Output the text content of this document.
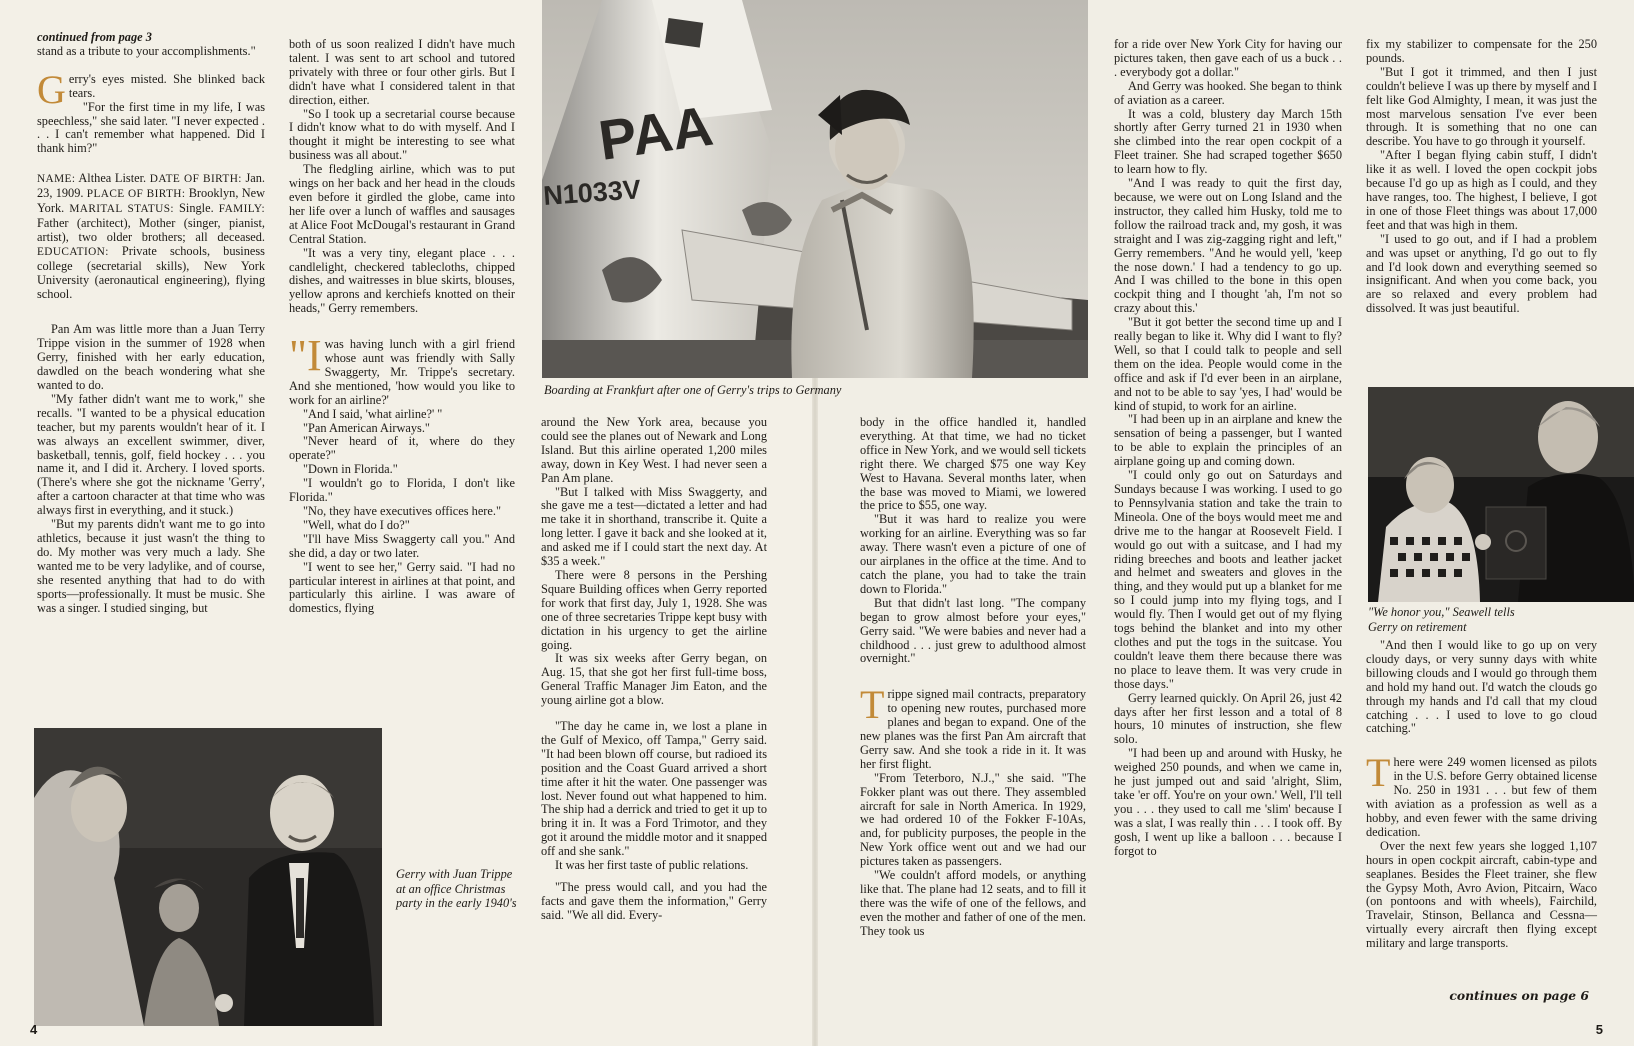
continued from page 3

stand as a tribute to your accomplishments."

Gerry's eyes misted. She blinked back tears.

"For the first time in my life, I was speechless," she said later. "I never expected . . . I can't remember what happened. Did I thank him?"

NAME: Althea Lister. DATE OF BIRTH: Jan. 23, 1909. PLACE OF BIRTH: Brooklyn, New York. MARITAL STATUS: Single. FAMILY: Father (architect), Mother (singer, pianist, artist), two older brothers; all deceased. EDUCATION: Private schools, business college (secretarial skills), New York University (aeronautical engineering), flying school.

Pan Am was little more than a Juan Terry Trippe vision in the summer of 1928 when Gerry, finished with her early education, dawdled on the beach wondering what she wanted to do.

"My father didn't want me to work," she recalls. "I wanted to be a physical education teacher, but my parents wouldn't hear of it. I was always an excellent swimmer, diver, basketball, tennis, golf, field hockey . . . you name it, and I did it. Archery. I loved sports. (There's where she got the nickname 'Gerry', after a cartoon character at that time who was always first in everything, and it stuck.)

"But my parents didn't want me to go into athletics, because it just wasn't the thing to do. My mother was very much a lady. She wanted me to be very ladylike, and of course, she resented anything that had to do with sports—professionally. It must be music. She was a singer. I studied singing, but

both of us soon realized I didn't have much talent. I was sent to art school and tutored privately with three or four other girls. But I didn't have what I considered talent in that direction, either.

"So I took up a secretarial course because I didn't know what to do with myself. And I thought it might be interesting to see what business was all about."

The fledgling airline, which was to put wings on her back and her head in the clouds even before it girdled the globe, came into her life over a lunch of waffles and sausages at Alice Foot McDougal's restaurant in Grand Central Station.

"It was a very tiny, elegant place . . . candlelight, checkered tablecloths, chipped dishes, and waitresses in blue skirts, blouses, yellow aprons and kerchiefs knotted on their heads," Gerry remembers.

"Iwas having lunch with a girl friend whose aunt was friendly with Sally Swaggerty, Mr. Trippe's secretary. And she mentioned, 'how would you like to work for an airline?'

"And I said, 'what airline?' "

"Pan American Airways."

"Never heard of it, where do they operate?"

"Down in Florida."

"I wouldn't go to Florida, I don't like Florida."

"No, they have executives offices here."

"Well, what do I do?"

"I'll have Miss Swaggerty call you." And she did, a day or two later.

"I went to see her," Gerry said. "I had no particular interest in airlines at that point, and particularly this airline. I was aware of domestics, flying

around the New York area, because you could see the planes out of Newark and Long Island. But this airline operated 1,200 miles away, down in Key West. I had never seen a Pan Am plane.

"But I talked with Miss Swaggerty, and she gave me a test—dictated a letter and had me take it in shorthand, transcribe it. Quite a long letter. I gave it back and she looked at it, and asked me if I could start the next day. At $35 a week."

There were 8 persons in the Pershing Square Building offices when Gerry reported for work that first day, July 1, 1928. She was one of three secretaries Trippe kept busy with dictation in his urgency to get the airline going.

It was six weeks after Gerry began, on Aug. 15, that she got her first full-time boss, General Traffic Manager Jim Eaton, and the young airline got a blow.

"The day he came in, we lost a plane in the Gulf of Mexico, off Tampa," Gerry said. "It had been blown off course, but radioed its position and the Coast Guard arrived a short time after it hit the water. One passenger was lost. Never found out what happened to him. The ship had a derrick and tried to get it up to bring it in. It was a Ford Trimotor, and they got it around the middle motor and it snapped off and she sank."

It was her first taste of public relations.

"The press would call, and you had the facts and gave them the information," Gerry said. "We all did. Every-

body in the office handled it, handled everything. At that time, we had no ticket office in New York, and we would sell tickets right there. We charged $75 one way Key West to Havana. Several months later, when the base was moved to Miami, we lowered the price to $55, one way.

"But it was hard to realize you were working for an airline. Everything was so far away. There wasn't even a picture of one of our airplanes in the office at the time. And to catch the plane, you had to take the train down to Florida."

But that didn't last long. "The company began to grow almost before your eyes," Gerry said. "We were babies and never had a childhood . . . just grew to adulthood almost overnight."

Trippe signed mail contracts, preparatory to opening new routes, purchased more planes and began to expand. One of the new planes was the first Pan Am aircraft that Gerry saw. And she took a ride in it. It was her first flight.

"From Teterboro, N.J.," she said. "The Fokker plant was out there. They assembled aircraft for sale in North America. In 1929, we had ordered 10 of the Fokker F-10As, and, for publicity purposes, the people in the New York office went out and we had our pictures taken as passengers.

"We couldn't afford models, or anything like that. The plane had 12 seats, and to fill it there was the wife of one of the fellows, and even the mother and father of one of the men. They took us

for a ride over New York City for having our pictures taken, then gave each of us a buck . . . everybody got a dollar."

And Gerry was hooked. She began to think of aviation as a career.

It was a cold, blustery day March 15th shortly after Gerry turned 21 in 1930 when she climbed into the rear open cockpit of a Fleet trainer. She had scraped together $650 to learn how to fly.

"And I was ready to quit the first day, because, we were out on Long Island and the instructor, they called him Husky, told me to follow the railroad track and, my gosh, it was straight and I was zig-zagging right and left," Gerry remembers. "And he would yell, 'keep the nose down.' I had a tendency to go up. And I was chilled to the bone in this open cockpit thing and I thought 'ah, I'm not so crazy about this.'

"But it got better the second time up and I really began to like it. Why did I want to fly? Well, so that I could talk to people and sell them on the idea. People would come in the office and ask if I'd ever been in an airplane, and not to be able to say 'yes, I had' would be kind of stupid, to work for an airline.

"I had been up in an airplane and knew the sensation of being a passenger, but I wanted to be able to explain the principles of an airplane going up and coming down.

"I could only go out on Saturdays and Sundays because I was working. I used to go to Pennsylvania station and take the train to Mineola. One of the boys would meet me and drive me to the hangar at Roosevelt Field. I would go out with a suitcase, and I had my riding breeches and boots and leather jacket and helmet and sweaters and gloves in the thing, and they would put up a blanket for me so I could jump into my flying togs, and I would fly. Then I would get out of my flying togs behind the blanket and into my other clothes and put the togs in the suitcase. You couldn't leave them there because there was no place to leave them. It was very crude in those days."

Gerry learned quickly. On April 26, just 42 days after her first lesson and a total of 8 hours, 10 minutes of instruction, she flew solo.

"I had been up and around with Husky, he weighed 250 pounds, and when we came in, he just jumped out and said 'alright, Slim, take 'er off. You're on your own.' Well, I'll tell you . . . they used to call me 'slim' because I was a slat, I was really thin . . . I took off. By gosh, I went up like a balloon . . . because I forgot to

fix my stabilizer to compensate for the 250 pounds.

"But I got it trimmed, and then I just couldn't believe I was up there by myself and I felt like God Almighty, I mean, it was just the most marvelous sensation I've ever been through. It is something that no one can describe. You have to go through it yourself.

"After I began flying cabin stuff, I didn't like it as well. I loved the open cockpit jobs because I'd go up as high as I could, and they have ranges, too. The highest, I believe, I got in one of those Fleet things was about 17,000 feet and that was high in them.

"I used to go out, and if I had a problem and was upset or anything, I'd go out to fly and I'd look down and everything seemed so insignificant. And when you come back, you are so relaxed and every problem had dissolved. It was just beautiful.

"And then I would like to go up on very cloudy days, or very sunny days with white billowing clouds and I would go through them and hold my hand out. I'd watch the clouds go through my hands and I'd call that my cloud catching . . . I used to love to go cloud catching."

There were 249 women licensed as pilots in the U.S. before Gerry obtained license No. 250 in 1931 . . . but few of them with aviation as a profession as well as a hobby, and even fewer with the same driving dedication.

Over the next few years she logged 1,107 hours in open cockpit aircraft, cabin-type and seaplanes. Besides the Fleet trainer, she flew the Gypsy Moth, Avro Avion, Pitcairn, Waco (on pontoons and with wheels), Fairchild, Travelair, Stinson, Bellanca and Cessna—virtually every aircraft then flying except military and large transports.

continues on page 6
PAA
N1033V
Boarding at Frankfurt after one of Gerry's trips to Germany
Gerry with Juan Trippe at an office Christmas party in the early 1940's
"We honor you," Seawell tells Gerry on retirement
4	5
